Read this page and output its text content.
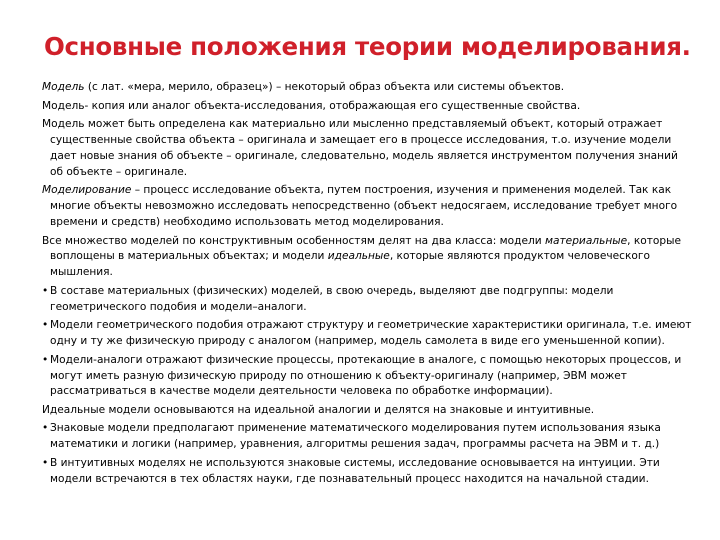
Основные положения теории моделирования.

Модель (с лат. «мера, мерило, образец») – некоторый образ объекта или системы объектов.

Модель- копия или аналог объекта-исследования, отображающая его существенные свойства.

Модель может быть определена как материально или мысленно представляемый объект, который отражает существенные свойства объекта – оригинала и замещает его в процессе исследования, т.о. изучение модели дает новые знания об объекте – оригинале, следовательно, модель является инструментом получения знаний об объекте – оригинале.

Моделирование – процесс исследование объекта, путем построения, изучения и применения моделей. Так как многие объекты невозможно исследовать непосредственно (объект недосягаем, исследование требует много времени и средств) необходимо использовать метод моделирования.

Все множество моделей по конструктивным особенностям делят на два класса: модели материальные, которые воплощены в материальных объектах; и модели идеальные, которые являются продуктом человеческого мышления.

• В составе материальных (физических) моделей, в свою очередь, выделяют две подгруппы: модели геометрического подобия и модели–аналоги.

• Модели геометрического подобия отражают структуру и геометрические характеристики оригинала, т.е. имеют одну и ту же физическую природу с аналогом (например, модель самолета в виде его уменьшенной копии).

• Модели-аналоги отражают физические процессы, протекающие в аналоге, с помощью некоторых процессов, и могут иметь разную физическую природу по отношению к объекту-оригиналу (например, ЭВМ может рассматриваться в качестве модели деятельности человека по обработке информации).

Идеальные модели основываются на идеальной аналогии и делятся на знаковые и интуитивные.

• Знаковые модели предполагают применение математического моделирования путем использования языка математики и логики (например, уравнения, алгоритмы решения задач, программы расчета на ЭВМ и т. д.)

• В интуитивных моделях не используются знаковые системы, исследование основывается на интуиции. Эти модели встречаются в тех областях науки, где познавательный процесс находится на начальной стадии.
